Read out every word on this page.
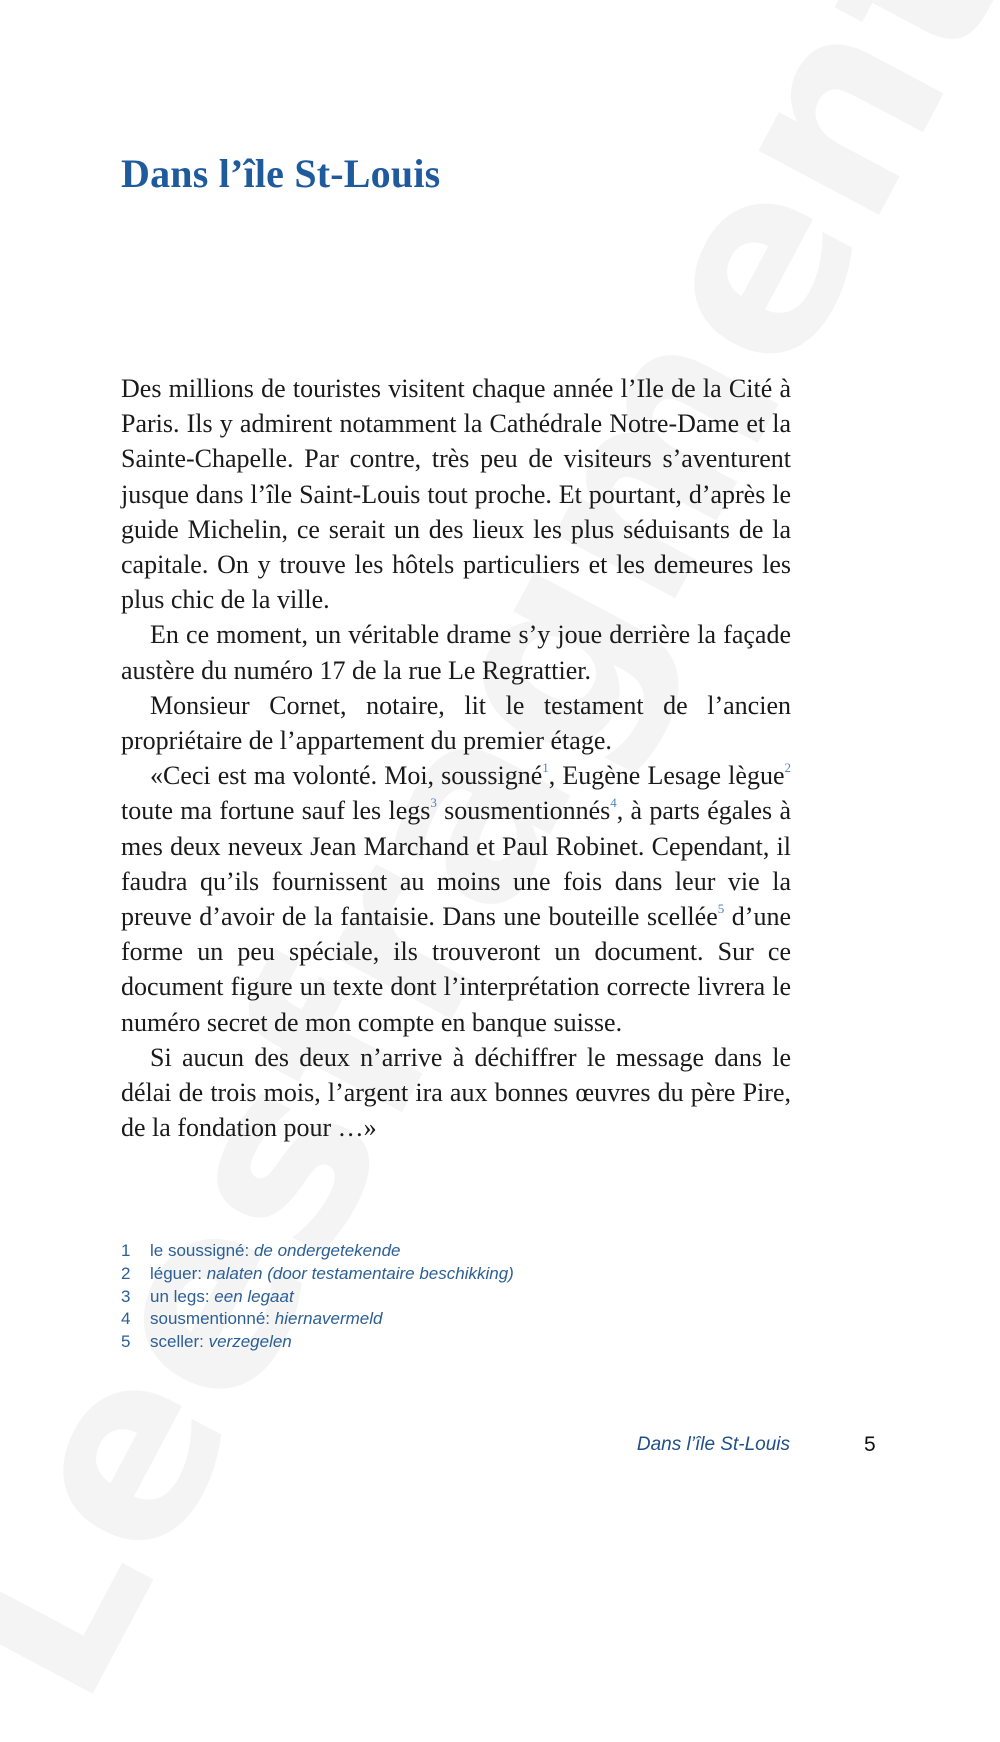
Dans l’île St-Louis

Des millions de touristes visitent chaque année l’Ile de la Cité à Paris. Ils y admirent notamment la Cathédrale Notre-Dame et la Sainte-Chapelle. Par contre, très peu de visiteurs s’aventurent jusque dans l’île Saint-Louis tout proche. Et pourtant, d’après le guide Michelin, ce serait un des lieux les plus séduisants de la capitale. On y trouve les hôtels particuliers et les demeures les plus chic de la ville.

En ce moment, un véritable drame s’y joue derrière la façade austère du numéro 17 de la rue Le Regrattier.

Monsieur Cornet, notaire, lit le testament de l’ancien propriétaire de l’appartement du premier étage.

«Ceci est ma volonté. Moi, soussigné$^1$, Eugène Lesage lègue$^2$ toute ma fortune sauf les legs$^3$ sousmentionnés$^4$, à parts égales à mes deux neveux Jean Marchand et Paul Robinet. Cependant, il faudra qu’ils fournissent au moins une fois dans leur vie la preuve d’avoir de la fantaisie. Dans une bouteille scellée$^5$ d’une forme un peu spéciale, ils trouveront un document. Sur ce document figure un texte dont l’interprétation correcte livrera le numéro secret de mon compte en banque suisse.

Si aucun des deux n’arrive à déchiffrer le message dans le délai de trois mois, l’argent ira aux bonnes œuvres du père Pire, de la fondation pour …»

1 le soussigné: de ondergetekende
2 léguer: nalaten (door testamentaire beschikking)
3 un legs: een legaat
4 sousmentionné: hiernavermeld
5 sceller: verzegelen
Dans l’île St-Louis	5
